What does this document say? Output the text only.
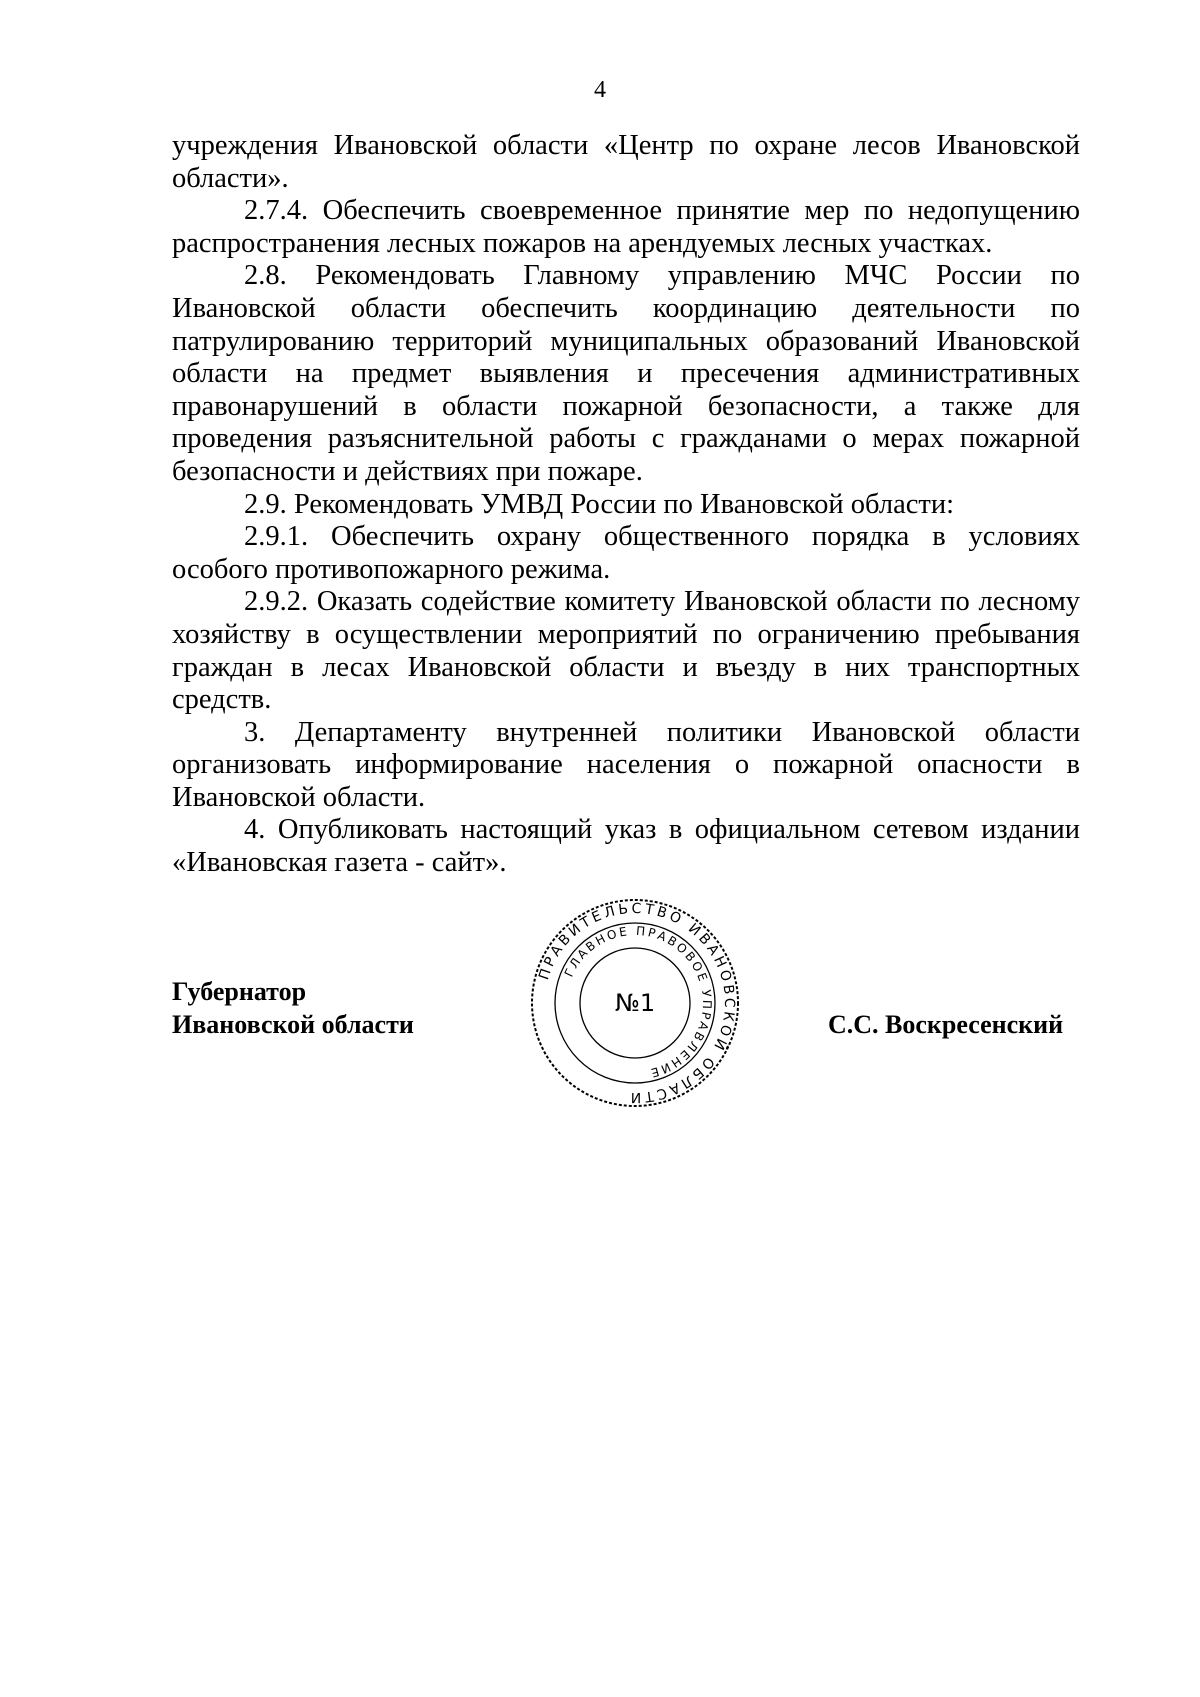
4

учреждения Ивановской области «Центр по охране лесов Ивановской области».

2.7.4. Обеспечить своевременное принятие мер по недопущению распространения лесных пожаров на арендуемых лесных участках.

2.8. Рекомендовать Главному управлению МЧС России по Ивановской области обеспечить координацию деятельности по патрулированию территорий муниципальных образований Ивановской области на предмет выявления и пресечения административных правонарушений в области пожарной безопасности, а также для проведения разъяснительной работы с гражданами о мерах пожарной безопасности и действиях при пожаре.

2.9. Рекомендовать УМВД России по Ивановской области:

2.9.1. Обеспечить охрану общественного порядка в условиях особого противопожарного режима.

2.9.2. Оказать содействие комитету Ивановской области по лесному хозяйству в осуществлении мероприятий по ограничению пребывания граждан в лесах Ивановской области и въезду в них транспортных средств.

3. Департаменту внутренней политики Ивановской области организовать информирование населения о пожарной опасности в Ивановской области.

4. Опубликовать настоящий указ в официальном сетевом издании «Ивановская газета - сайт».

Губернатор
Ивановской области	С.С. Воскресенский
ПРАВИТЕЛЬСТВО ИВАНОВСКОЙ ОБЛАСТИ
ГЛАВНОЕ ПРАВОВОЕ УПРАВЛЕНИЕ
№1
